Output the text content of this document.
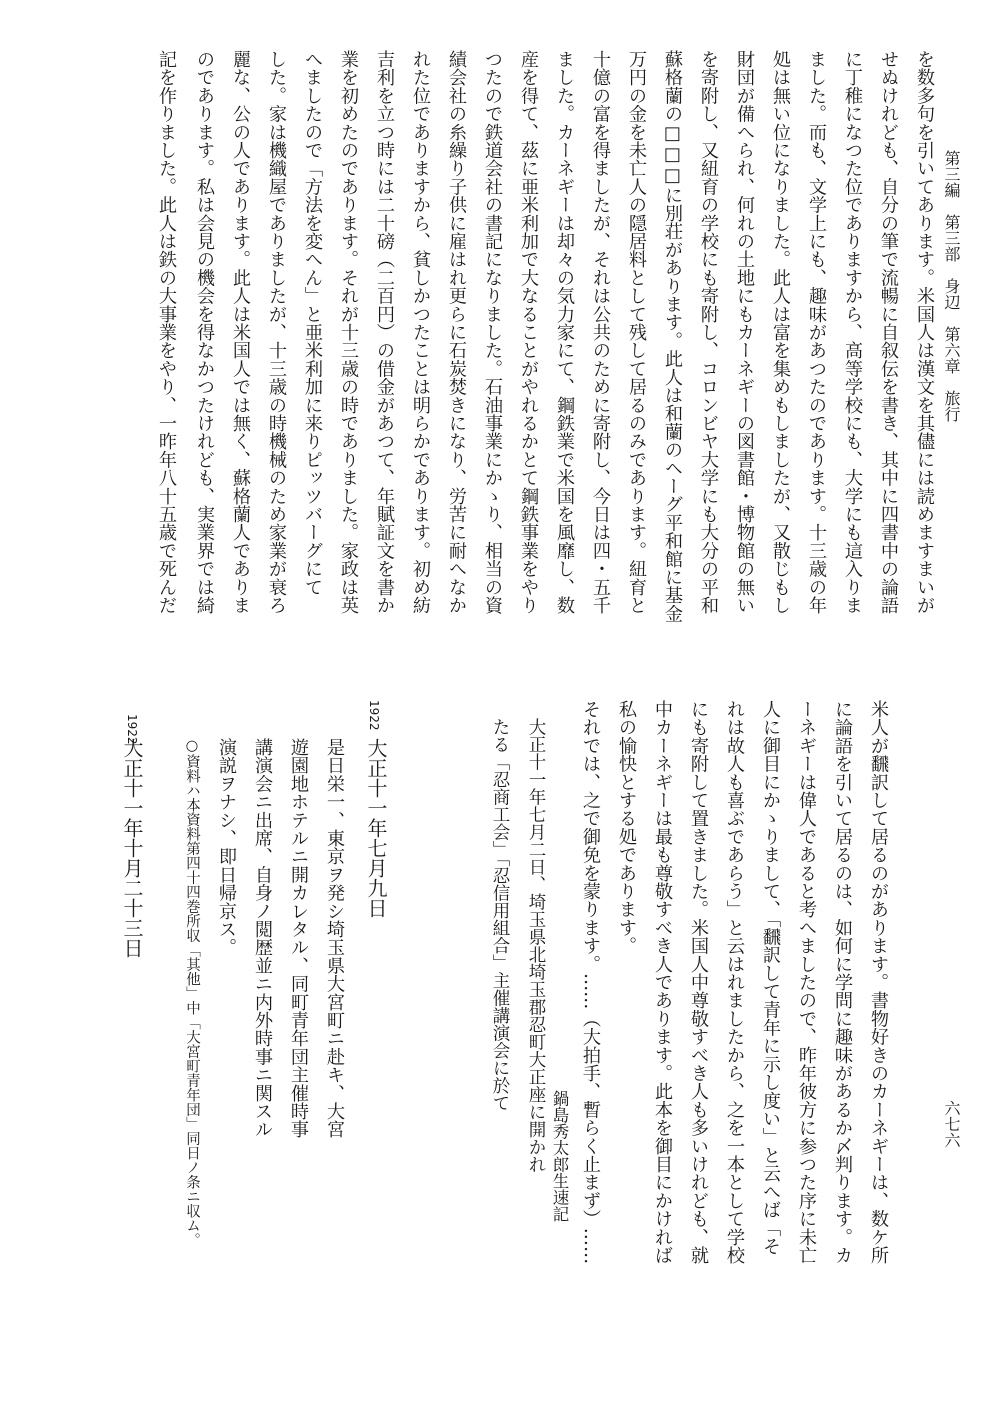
第三編　第三部　身辺　第六章　旅行
六七六
記を作りました。此人は鉄の大事業をやり、一昨年八十五歳で死んだ のであります。私は会見の機会を得なかつたけれども、実業界では綺 麗な、公の人であります。此人は米国人では無く、蘇格蘭人でありま した。家は機織屋でありましたが、十三歳の時機械のため家業が衰ろ へましたので「方法を変へん」と亜米利加に来りピッツバーグにて 業を初めたのであります。それが十三歳の時でありました。家政は英 吉利を立つ時には二十磅（二百円）の借金があつて、年賦証文を書か れた位でありますから、貧しかつたことは明らかであります。初め紡 績会社の糸繰り子供に雇はれ更らに石炭焚きになり、労苦に耐へなか つたので鉄道会社の書記になりました。石油事業にかゝり、相当の資 産を得て、茲に亜米利加で大なることがやれるかとて鋼鉄事業をやり ました。カーネギーは却々の気力家にて、鋼鉄業で米国を風靡し、数 十億の富を得ましたが、それは公共のために寄附し、今日は四・五千 万円の金を未亡人の隠居料として残して居るのみであります。紐育と 蘇格蘭の□□□に別荘があります。此人は和蘭のヘーグ平和館に基金 を寄附し、又紐育の学校にも寄附し、コロンビヤ大学にも大分の平和 財団が備へられ、何れの土地にもカーネギーの図書館・博物館の無い 処は無い位になりました。此人は富を集めもしましたが、又散じもし ました。而も、文学上にも、趣味があつたのであります。十三歳の年 に丁稚になつた位でありますから、高等学校にも、大学にも這入りま せぬけれども、自分の筆で流暢に自叙伝を書き、其中に四書中の論語 を数多句を引いてあります。米国人は漢文を其儘には読めますまいが
米人が飜訳して居るのがあります。書物好きのカーネギーは、数ケ所
に論語を引いて居るのは、如何に学問に趣味があるか〆判ります。カ
ーネギーは偉人であると考へましたので、昨年彼方に参つた序に未亡
人に御目にかゝりまして、「飜訳して青年に示し度い」と云へば「そ
れは故人も喜ぶであらう」と云はれましたから、之を一本として学校
にも寄附して置きました。米国人中尊敬すべき人も多いけれども、就
中カーネギーは最も尊敬すべき人であります。此本を御目にかければ
私の愉快とする処であります。
それでは、之で御免を蒙ります。……（大拍手、暫らく止まず）……
鍋島秀太郎生速記
大正十一年七月二日、埼玉県北埼玉郡忍町大正座に開かれ
たる「忍商工会」「忍信用組合」主催講演会に於て
1922
大正十一年七月九日
是日栄一、東京ヲ発シ埼玉県大宮町ニ赴キ、大宮
遊園地ホテルニ開カレタル、同町青年団主催時事
講演会ニ出席、自身ノ閲歴並ニ内外時事ニ関スル
演説ヲナシ、即日帰京ス。
○資料ハ本資料第四十四巻所収「其他」中「大宮町青年団」同日ノ条ニ収ム。
1922
大正十一年十月二十三日
